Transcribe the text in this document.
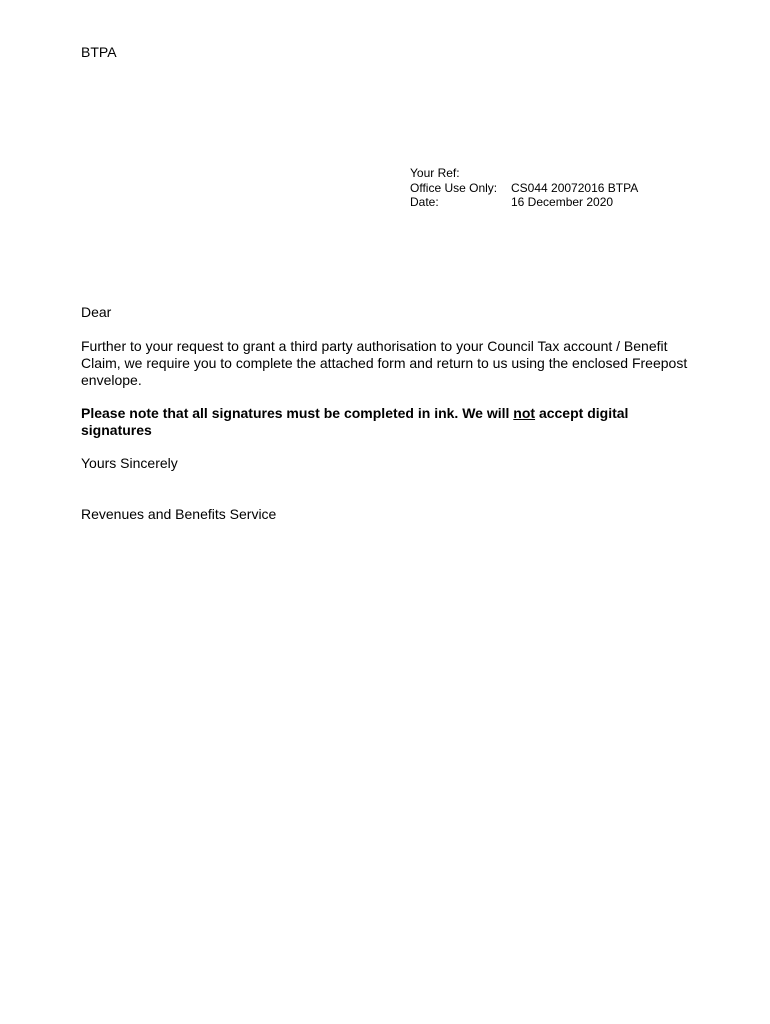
BTPA
Your Ref:
Office Use Only:	CS044 20072016 BTPA
Date:	16 December 2020
Dear
Further to your request to grant a third party authorisation to your Council Tax account / Benefit Claim, we require you to complete the attached form and return to us using the enclosed Freepost envelope.
Please note that all signatures must be completed in ink. We will not accept digital signatures
Yours Sincerely
Revenues and Benefits Service
